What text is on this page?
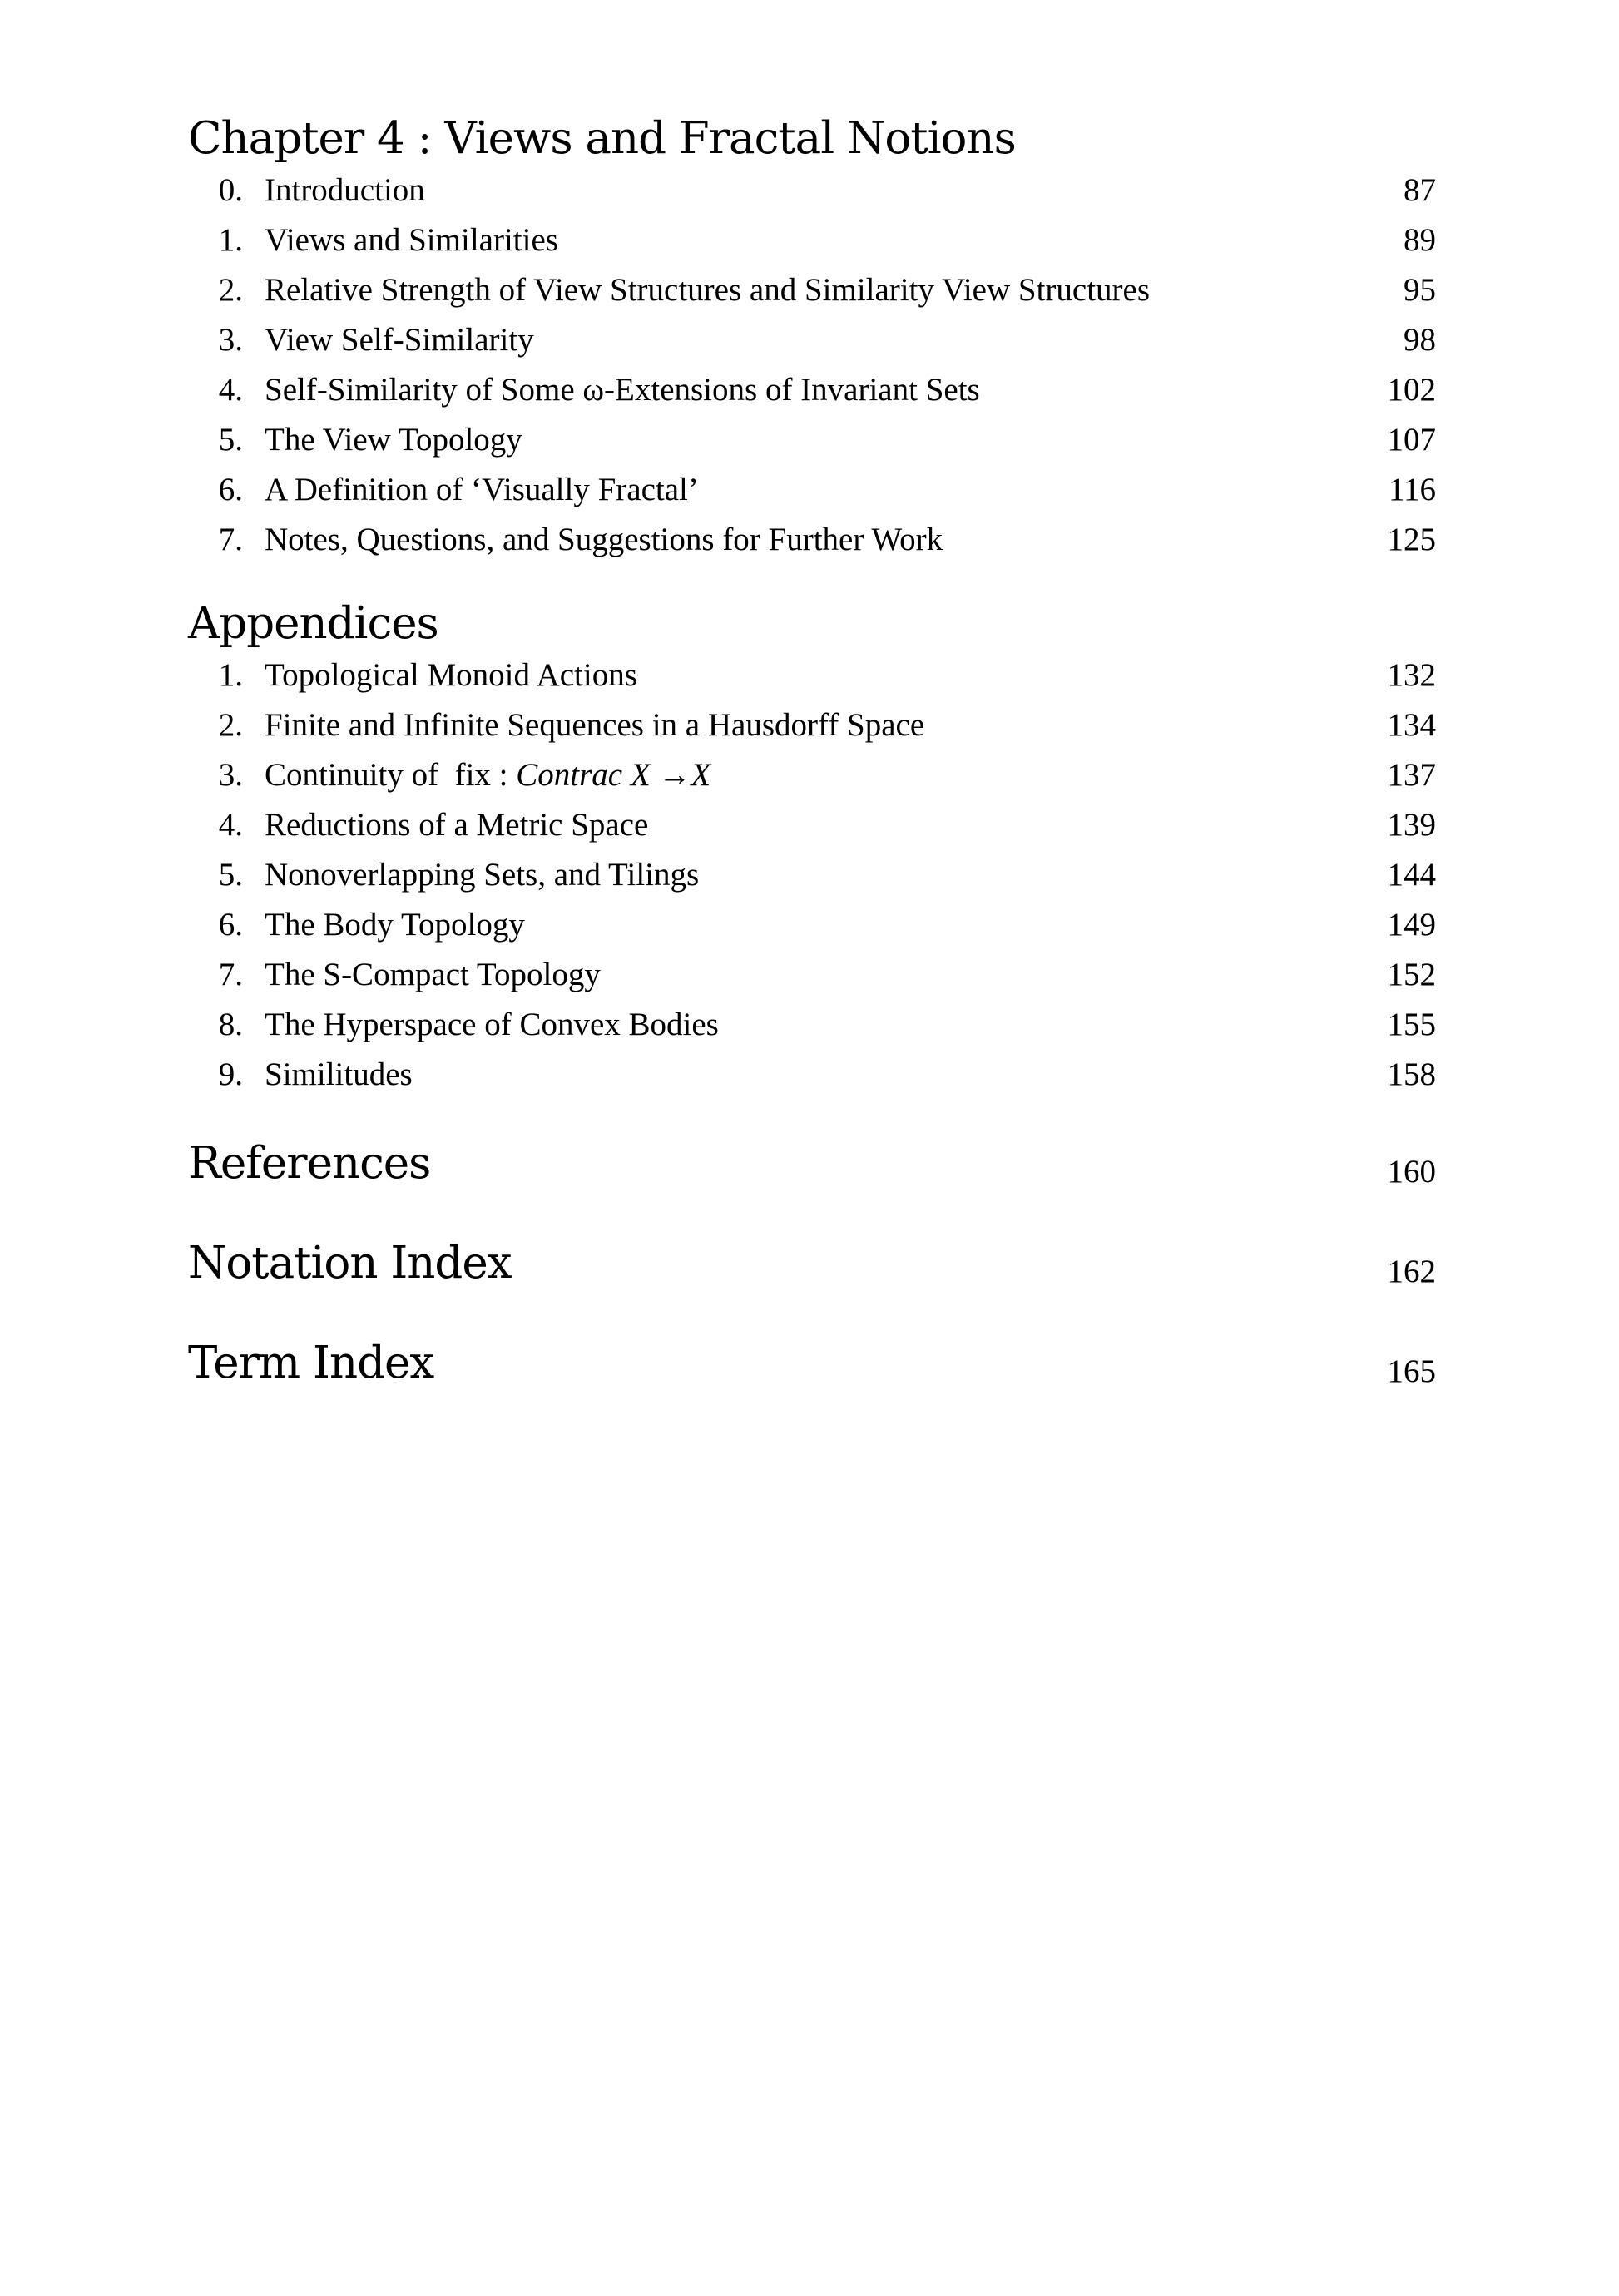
Chapter 4 : Views and Fractal Notions
0. Introduction	87
1. Views and Similarities	89
2. Relative Strength of View Structures and Similarity View Structures	95
3. View Self-Similarity	98
4. Self-Similarity of Some ω-Extensions of Invariant Sets	102
5. The View Topology	107
6. A Definition of ‘Visually Fractal’	116
7. Notes, Questions, and Suggestions for Further Work	125
Appendices
1. Topological Monoid Actions	132
2. Finite and Infinite Sequences in a Hausdorff Space	134
3. Continuity of  fix : Contrac X →X	137
4. Reductions of a Metric Space	139
5. Nonoverlapping Sets, and Tilings	144
6. The Body Topology	149
7. The S-Compact Topology	152
8. The Hyperspace of Convex Bodies	155
9. Similitudes	158
References	160
Notation Index	162
Term Index	165
